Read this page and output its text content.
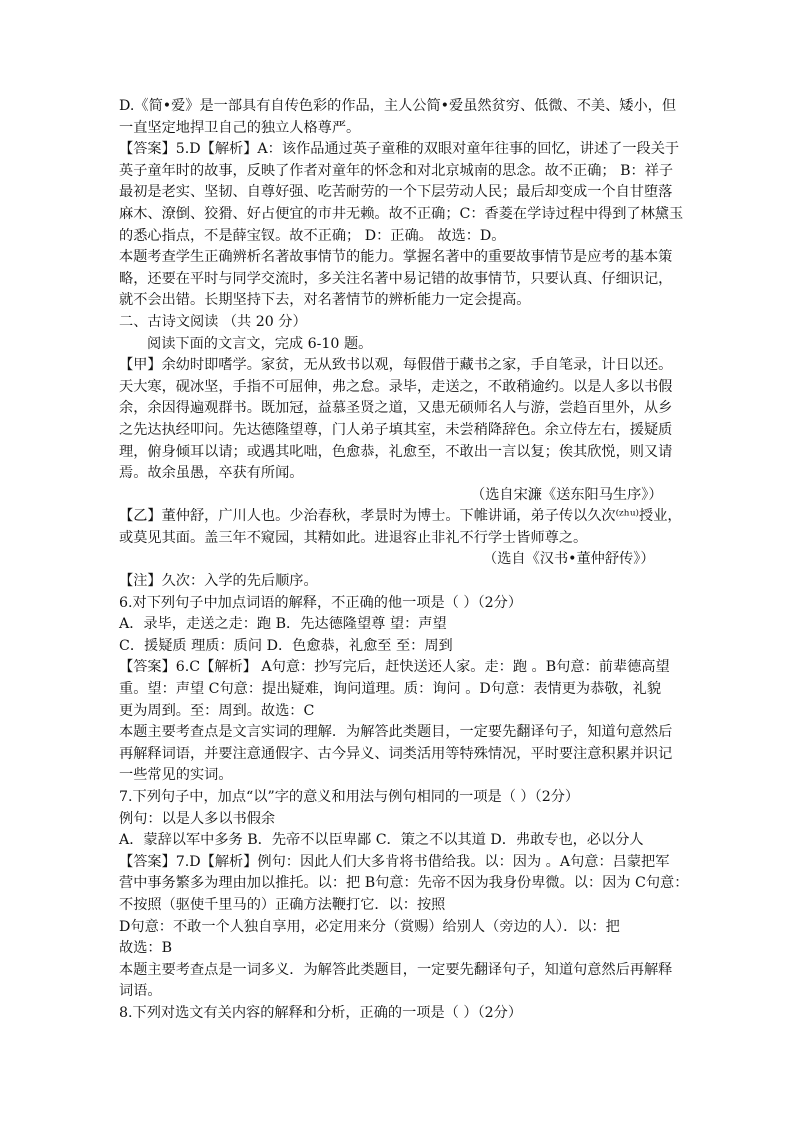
D.《简•爱》是一部具有自传色彩的作品，主人公简•爱虽然贫穷、低微、不美、矮小，但
一直坚定地捍卫自己的独立人格尊严。
【答案】5.D【解析】A：该作品通过英子童稚的双眼对童年往事的回忆，讲述了一段关于
英子童年时的故事，反映了作者对童年的怀念和对北京城南的思念。故不正确； B：祥子
最初是老实、坚韧、自尊好强、吃苦耐劳的一个下层劳动人民；最后却变成一个自甘堕落
麻木、潦倒、狡猾、好占便宜的市井无赖。故不正确；C：香菱在学诗过程中得到了林黛玉
的悉心指点，不是薛宝钗。故不正确； D：正确。 故选：D。
本题考查学生正确辨析名著故事情节的能力。掌握名著中的重要故事情节是应考的基本策
略，还要在平时与同学交流时，多关注名著中易记错的故事情节，只要认真、仔细识记，
就不会出错。长期坚持下去，对名著情节的辨析能力一定会提高。
二、古诗文阅读 （共 20 分）
阅读下面的文言文，完成 6-10 题。
【甲】余幼时即嗜学。家贫，无从致书以观，每假借于藏书之家，手自笔录，计日以还。
天大寒，砚冰坚，手指不可屈伸，弗之怠。录毕，走送之，不敢稍逾约。以是人多以书假
余，余因得遍观群书。既加冠，益慕圣贤之道，又患无硕师名人与游，尝趋百里外，从乡
之先达执经叩问。先达德隆望尊，门人弟子填其室，未尝稍降辞色。余立侍左右，援疑质
理，俯身倾耳以请；或遇其叱咄，色愈恭，礼愈至，不敢出一言以复；俟其欣悦，则又请
焉。故余虽愚，卒获有所闻。
（选自宋濂《送东阳马生序》）
【乙】董仲舒，广川人也。少治春秋，孝景时为博士。下帷讲诵，弟子传以久次⁽ᶻʰᵘ⁾授业，
或莫见其面。盖三年不窥园，其精如此。进退容止非礼不行学士皆师尊之。
（选自《汉书•董仲舒传》）
【注】久次：入学的先后顺序。
6.对下列句子中加点词语的解释，不正确的他一项是（ ）（2分）
A．录毕，走送之走：跑 B．先达德隆望尊 望：声望
C．援疑质 理质：质问 D．色愈恭，礼愈至 至：周到
【答案】6.C【解析】 A句意：抄写完后，赶快送还人家。走：跑 。B句意：前辈德高望
重。望：声望 C句意：提出疑难，询问道理。质：询问 。D句意：表情更为恭敬，礼貌
更为周到。至：周到。故选：C
本题主要考查点是文言实词的理解．为解答此类题目，一定要先翻译句子，知道句意然后
再解释词语，并要注意通假字、古今异义、词类活用等特殊情况，平时要注意积累并识记
一些常见的实词。
7.下列句子中，加点“以”字的意义和用法与例句相同的一项是（ ）（2分）
例句：以是人多以书假余
A．蒙辞以军中多务 B．先帝不以臣卑鄙 C．策之不以其道 D．弗敢专也，必以分人
【答案】7.D【解析】例句：因此人们大多肯将书借给我。以：因为 。A句意：吕蒙把军
营中事务繁多为理由加以推托。以：把 B句意：先帝不因为我身份卑微。以：因为 C句意：
不按照（驱使千里马的）正确方法鞭打它．以：按照
D句意：不敢一个人独自享用，必定用来分（赏赐）给别人（旁边的人）．以：把
故选：B
本题主要考查点是一词多义．为解答此类题目，一定要先翻译句子，知道句意然后再解释
词语。
8.下列对选文有关内容的解释和分析，正确的一项是（ ）（2分）
